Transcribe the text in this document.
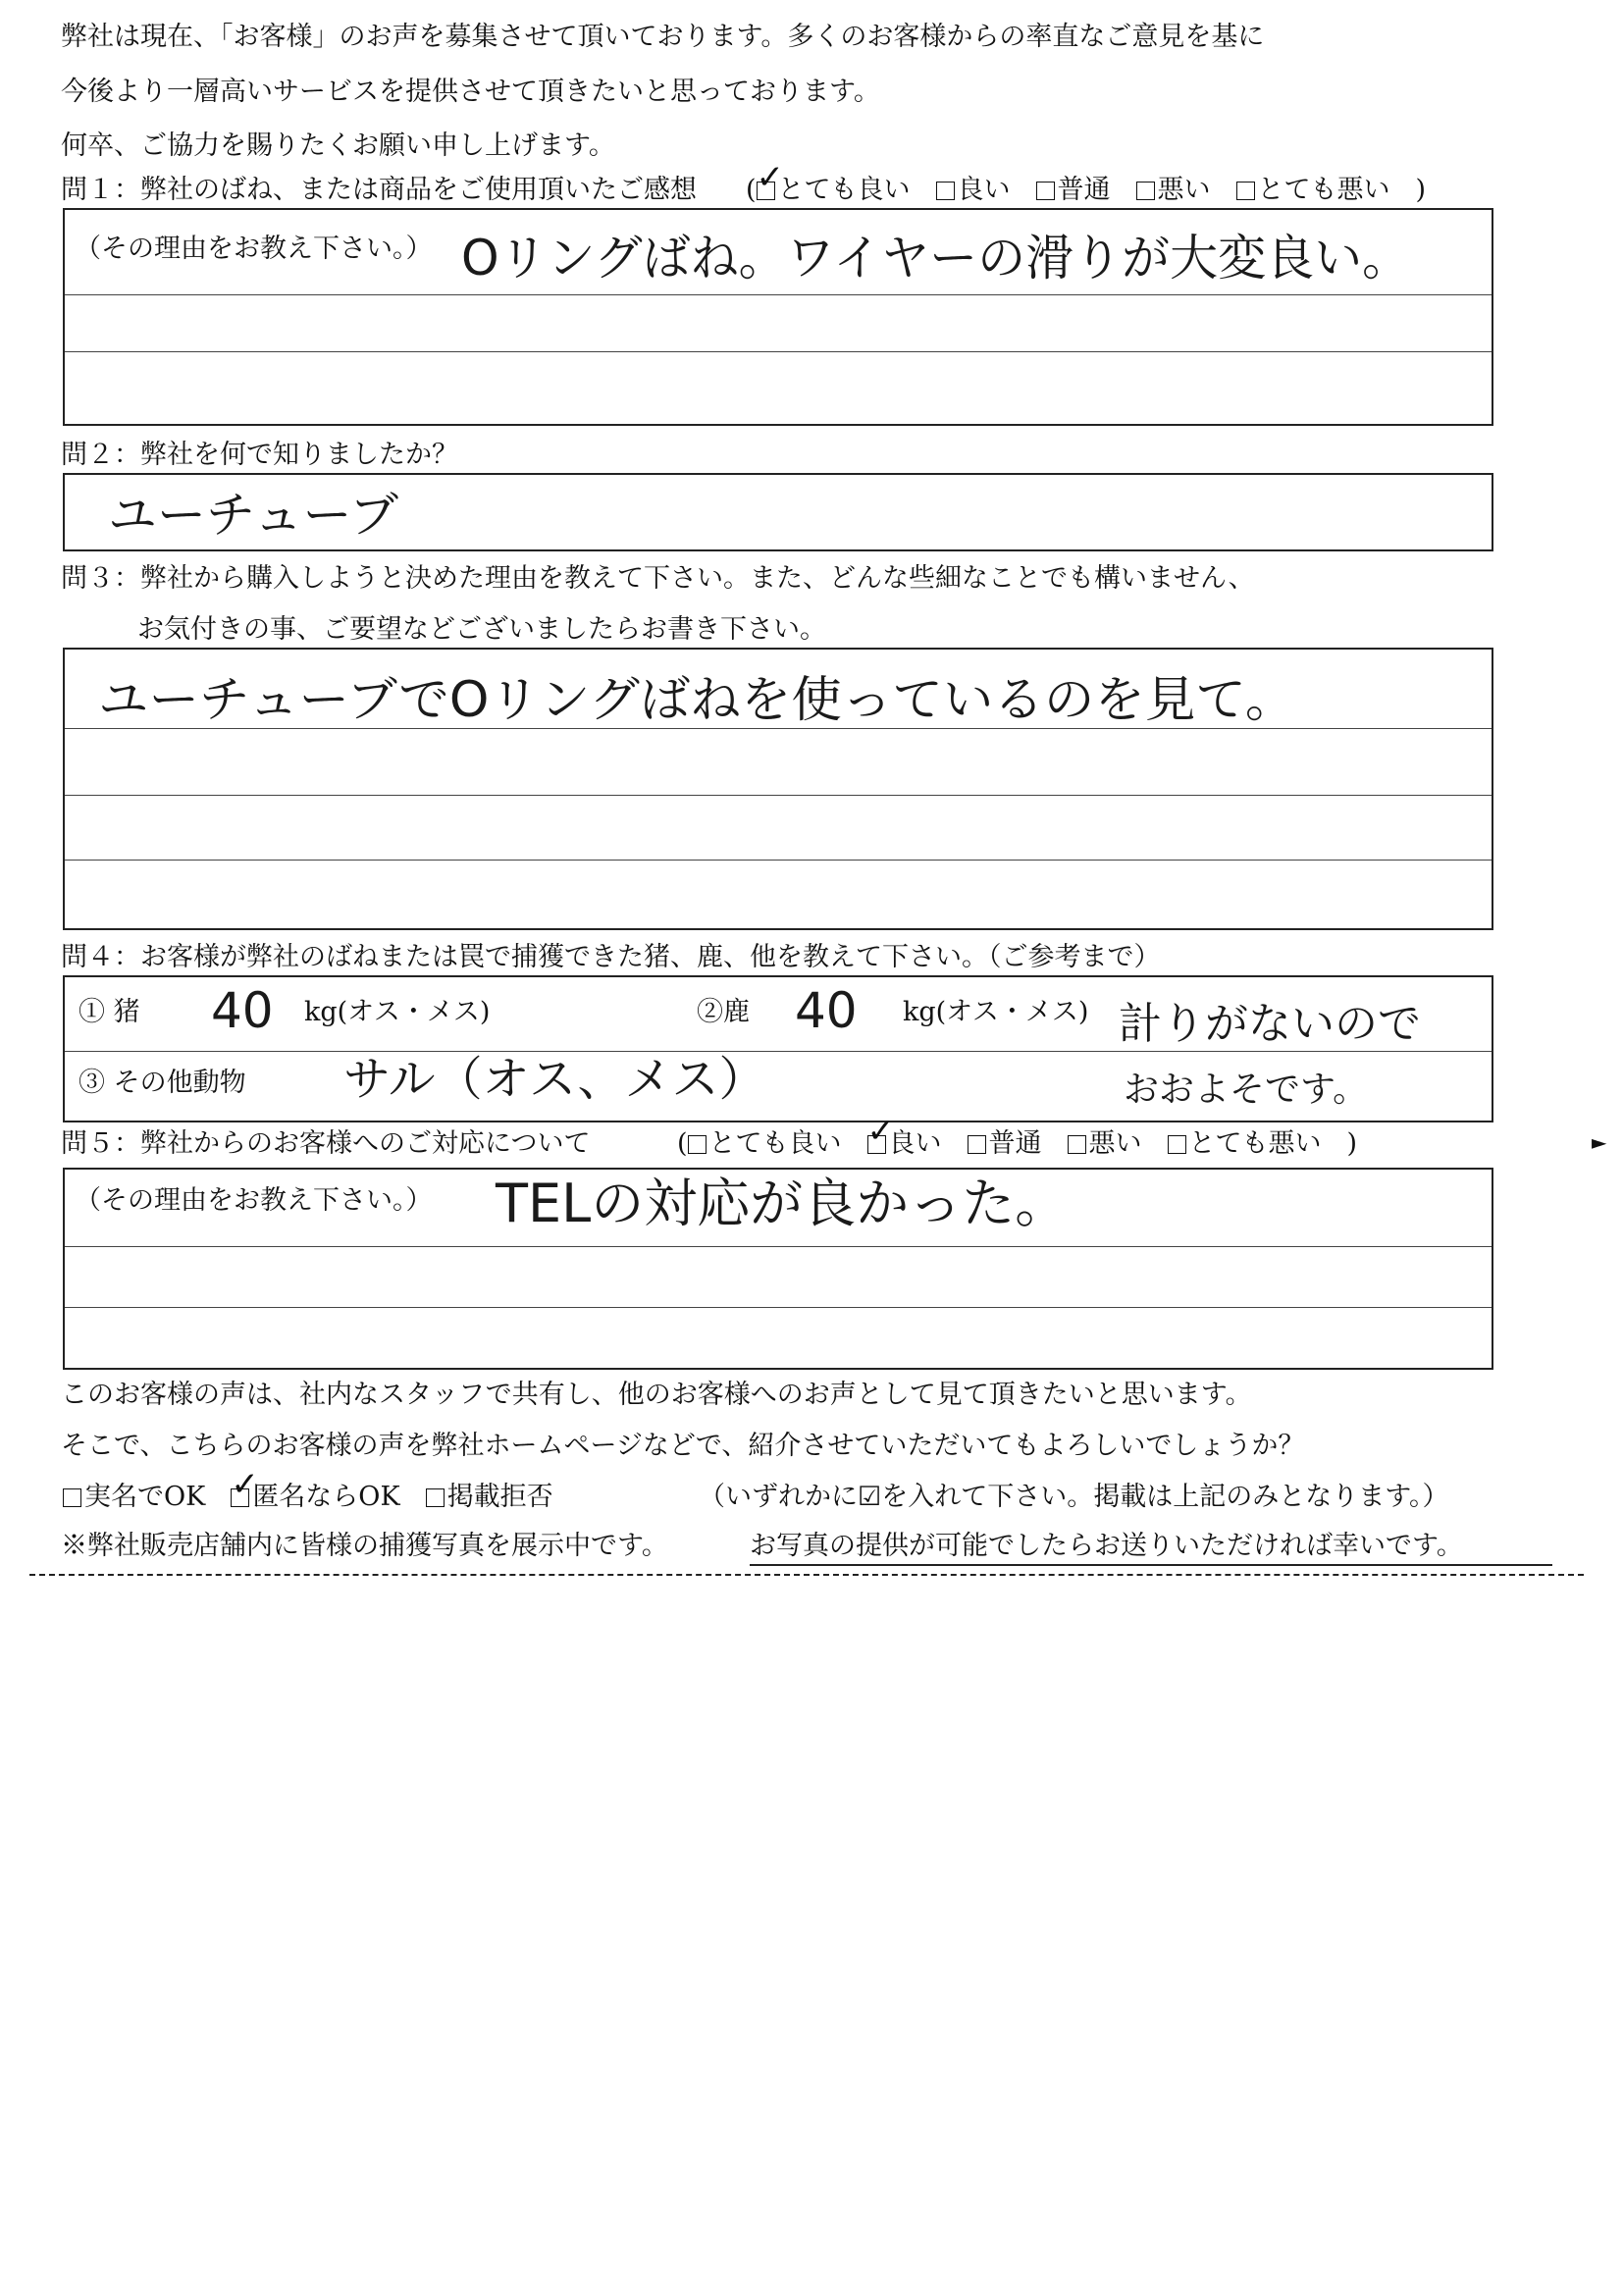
弊社は現在、「お客様」のお声を募集させて頂いております。多くのお客様からの率直なご意見を基に
今後より一層高いサービスを提供させて頂きたいと思っております。
何卒、ご協力を賜りたくお願い申し上げます。
問１：弊社のばね、または商品をご使用頂いたご感想 ( ✓ とても良い 良い 普通 悪い とても悪い )
（その理由をお教え下さい。） Oリングばね。ワイヤーの滑りが大変良い。
問２：弊社を何で知りましたか？
ユーチューブ
問３：弊社から購入しようと決めた理由を教えて下さい。また、どんな些細なことでも構いません、
お気付きの事、ご要望などございましたらお書き下さい。
ユーチューブでOリングばねを使っているのを見て。
問４：お客様が弊社のばねまたは罠で捕獲できた猪、鹿、他を教えて下さい。（ご参考まで）
① 猪 40 kg(オス・メス)	②鹿 40 kg(オス・メス) 計りがないので
③ その他動物 サル（オス、メス）	おおよそです。
問５：弊社からのお客様へのご対応について	( とても良い ✓ 良い 普通 悪い とても悪い )	►
（その理由をお教え下さい。） TELの対応が良かった。
このお客様の声は、社内なスタッフで共有し、他のお客様へのお声として見て頂きたいと思います。
そこで、こちらのお客様の声を弊社ホームページなどで、紹介させていただいてもよろしいでしょうか？
実名でOK ✓ 匿名ならOK 掲載拒否	（いずれかに☑を入れて下さい。掲載は上記のみとなります。）
※弊社販売店舗内に皆様の捕獲写真を展示中です。	お写真の提供が可能でしたらお送りいただければ幸いです。
